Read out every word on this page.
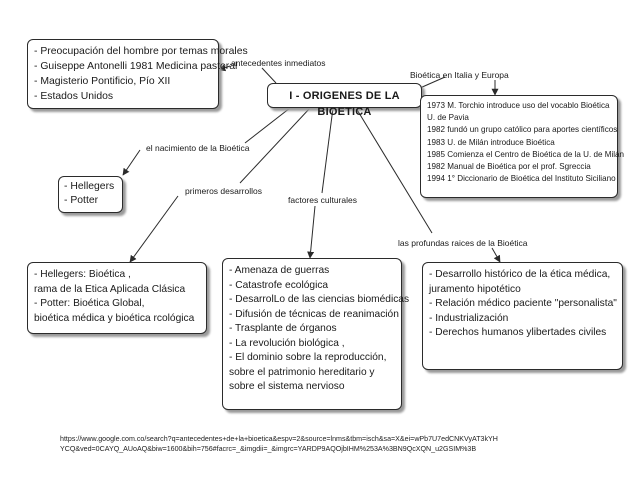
- Preocupación del hombre por temas morales
- Guiseppe Antonelli 1981 Medicina pastoral
- Magisterio Pontificio, Pío XII
- Estados Unidos	I - ORIGENES DE LA BIOETICA
1973 M. Torchio introduce uso del vocablo Bioética
U. de Pavia
1982 fundó un grupo católico para aportes científicos
1983 U. de Milán introduce Bioética
1985 Comienza el Centro de Bioética de la U. de Milán
1982 Manual de Bioética por el prof. Sgreccia
1994 1° Diccionario de Bioética del Instituto Siciliano
- Hellegers
- Potter
- Hellegers: Bioética ,
rama de la Etica Aplicada Clásica
- Potter: Bioética Global,
bioética médica y bioética rcológica
- Amenaza de guerras
- Catastrofe ecológica
- DesarrolLo de las ciencias biomédicas
- Difusión de técnicas de reanimación
- Trasplante de órganos
- La revolución biológica ,
- El dominio sobre la reproducción,
sobre el patrimonio hereditario y
sobre el sistema nervioso
- Desarrollo histórico de la ética médica,
juramento hipotético
- Relación médico paciente "personalista"
- Industrialización
- Derechos humanos ylibertades civiles
antecedentes inmediatos
Bioética en Italia y Europa
el nacimiento de la Bioética
primeros desarrollos
factores culturales
las profundas raices de la Bioética
https://www.google.com.co/search?q=antecedentes+de+la+bioetica&espv=2&source=lnms&tbm=isch&sa=X&ei=wPb7U7edCNKVyAT3kYHYCQ&ved=0CAYQ_AUoAQ&biw=1600&bih=756#facrc=_&imgdii=_&imgrc=YARDP9AQOjbIHM%253A%3BN9QcXQN_u2GSIM%3B
